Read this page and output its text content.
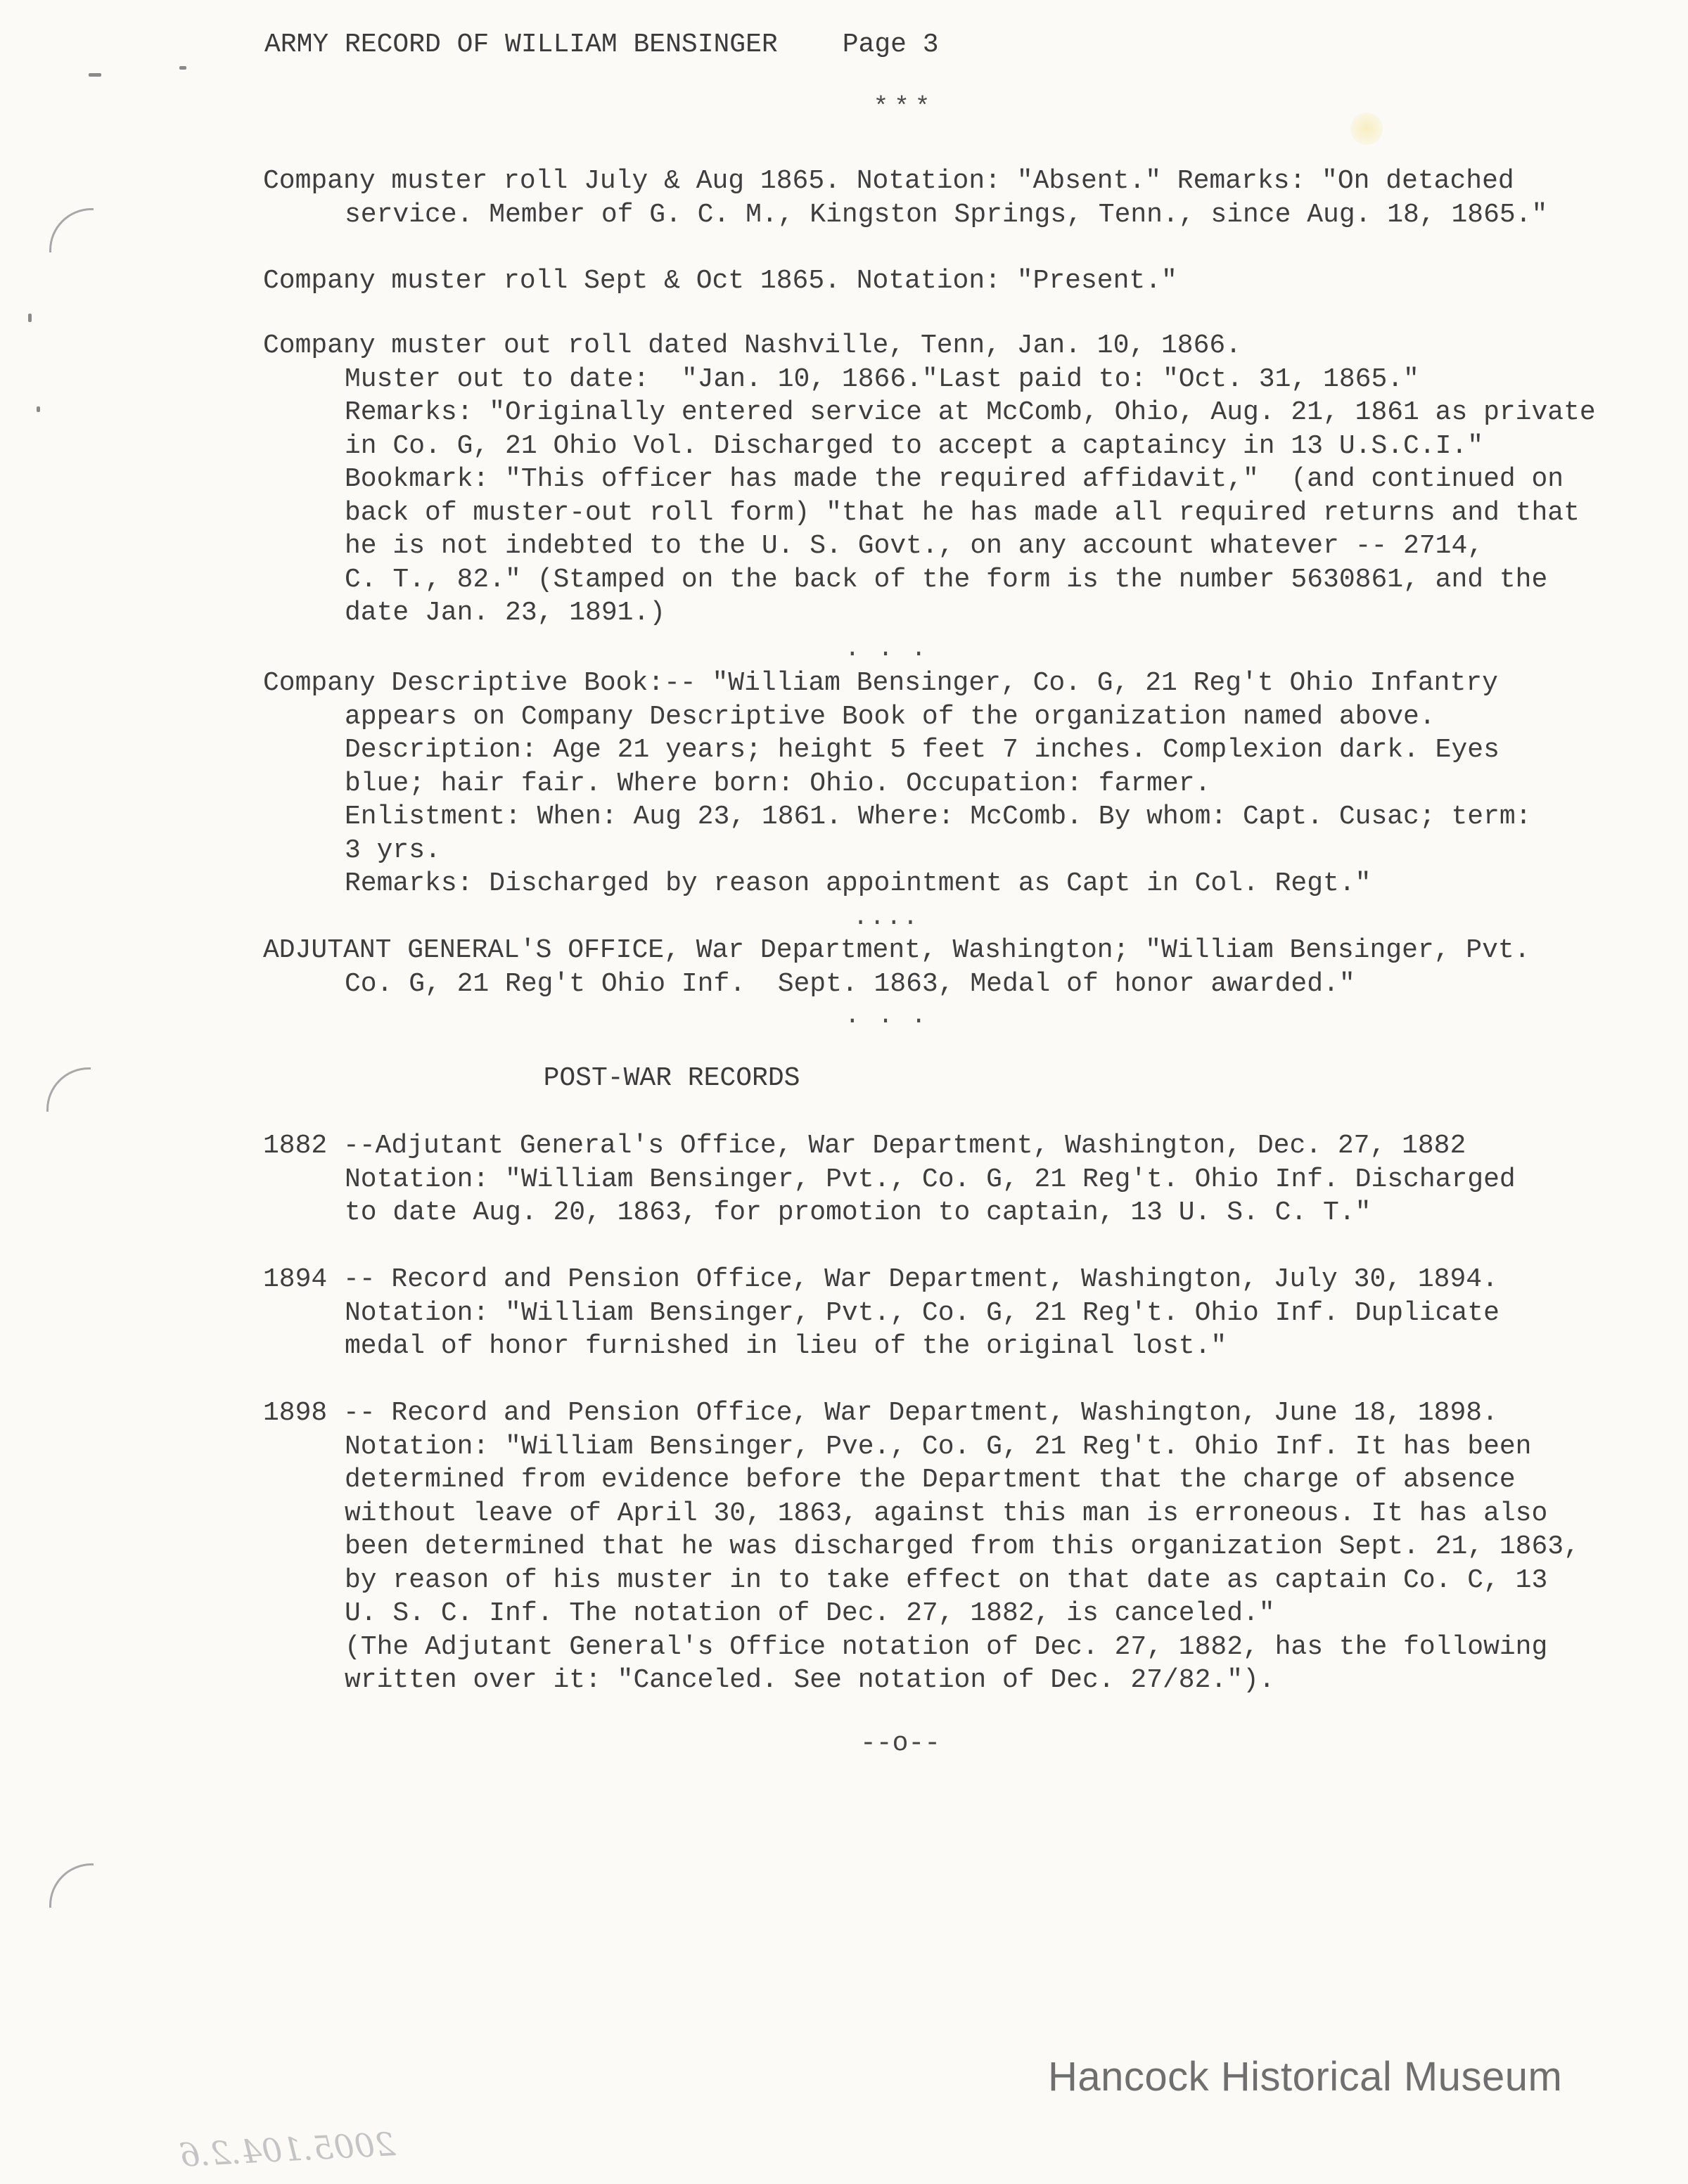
ARMY RECORD OF WILLIAM BENSINGER Page 3
***
Company muster roll July & Aug 1865. Notation: "Absent." Remarks: "On detached
service. Member of G. C. M., Kingston Springs, Tenn., since Aug. 18, 1865."
Company muster roll Sept & Oct 1865. Notation: "Present."
Company muster out roll dated Nashville, Tenn, Jan. 10, 1866.
Muster out to date:  "Jan. 10, 1866."Last paid to: "Oct. 31, 1865."
Remarks: "Originally entered service at McComb, Ohio, Aug. 21, 1861 as private
in Co. G, 21 Ohio Vol. Discharged to accept a captaincy in 13 U.S.C.I."
Bookmark: "This officer has made the required affidavit,"  (and continued on
back of muster-out roll form) "that he has made all required returns and that
he is not indebted to the U. S. Govt., on any account whatever -- 2714,
C. T., 82." (Stamped on the back of the form is the number 5630861, and the
date Jan. 23, 1891.)
. . .
Company Descriptive Book:-- "William Bensinger, Co. G, 21 Reg't Ohio Infantry
appears on Company Descriptive Book of the organization named above.
Description: Age 21 years; height 5 feet 7 inches. Complexion dark. Eyes
blue; hair fair. Where born: Ohio. Occupation: farmer.
Enlistment: When: Aug 23, 1861. Where: McComb. By whom: Capt. Cusac; term:
3 yrs.
Remarks: Discharged by reason appointment as Capt in Col. Regt."
....
ADJUTANT GENERAL'S OFFICE, War Department, Washington; "William Bensinger, Pvt.
Co. G, 21 Reg't Ohio Inf.  Sept. 1863, Medal of honor awarded."
. . .
POST-WAR RECORDS
1882 --Adjutant General's Office, War Department, Washington, Dec. 27, 1882
Notation: "William Bensinger, Pvt., Co. G, 21 Reg't. Ohio Inf. Discharged
to date Aug. 20, 1863, for promotion to captain, 13 U. S. C. T."
1894 -- Record and Pension Office, War Department, Washington, July 30, 1894.
Notation: "William Bensinger, Pvt., Co. G, 21 Reg't. Ohio Inf. Duplicate
medal of honor furnished in lieu of the original lost."
1898 -- Record and Pension Office, War Department, Washington, June 18, 1898.
Notation: "William Bensinger, Pve., Co. G, 21 Reg't. Ohio Inf. It has been
determined from evidence before the Department that the charge of absence
without leave of April 30, 1863, against this man is erroneous. It has also
been determined that he was discharged from this organization Sept. 21, 1863,
by reason of his muster in to take effect on that date as captain Co. C, 13
U. S. C. Inf. The notation of Dec. 27, 1882, is canceled."
(The Adjutant General's Office notation of Dec. 27, 1882, has the following
written over it: "Canceled. See notation of Dec. 27/82.").
--o--
Hancock Historical Museum
2005.104.2.6
